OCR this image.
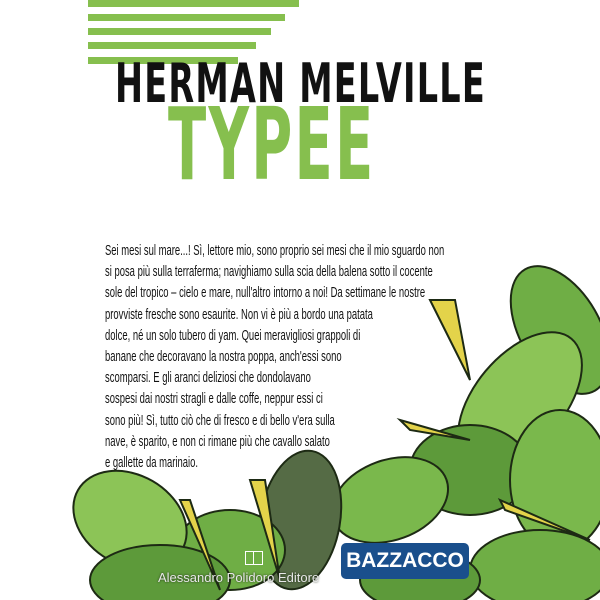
HERMAN MELVILLE
TYPEE
Sei mesi sul mare...! Sì, lettore mio, sono proprio sei mesi che il mio sguardo non
si posa più sulla terraferma; navighiamo sulla scia della balena sotto il cocente
sole del tropico – cielo e mare, null'altro intorno a noi! Da settimane le nostre
provviste fresche sono esaurite. Non vi è più a bordo una patata
dolce, né un solo tubero di yam. Quei meravigliosi grappoli di
banane che decoravano la nostra poppa, anch'essi sono
scomparsi. E gli aranci deliziosi che dondolavano
sospesi dai nostri stragli e dalle coffe, neppur essi ci
sono più! Sì, tutto ciò che di fresco e di bello v'era sulla
nave, è sparito, e non ci rimane più che cavallo salato
e gallette da marinaio.
Alessandro Polidoro Editore
BAZZACCO
